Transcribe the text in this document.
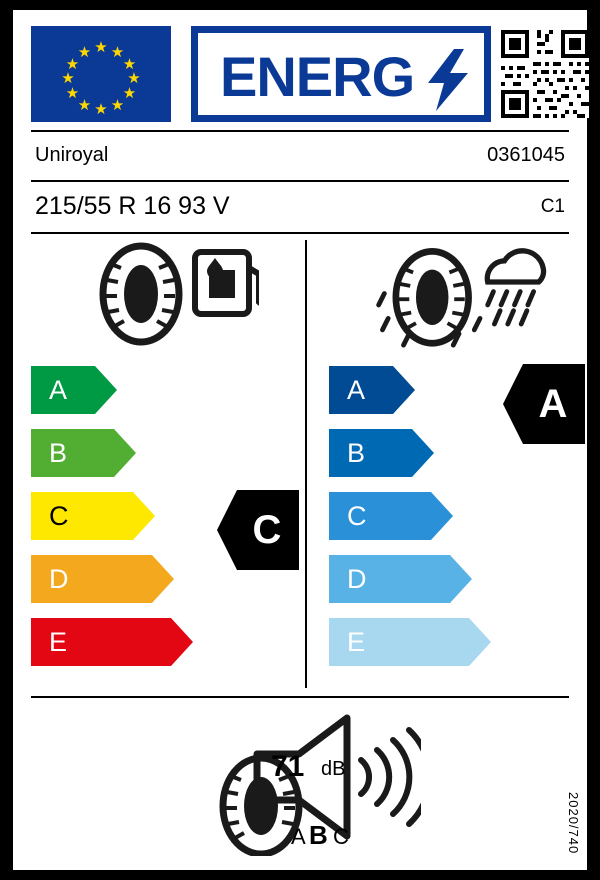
★
★ ★
★	★
★	★
★	★
★ ★
★
ENERG
Uniroyal	0361045
215/55 R 16 93 V	C1
A
B
C
D
E
C
A
B
C
D
E
A
71 dB
A B C	2020/740
